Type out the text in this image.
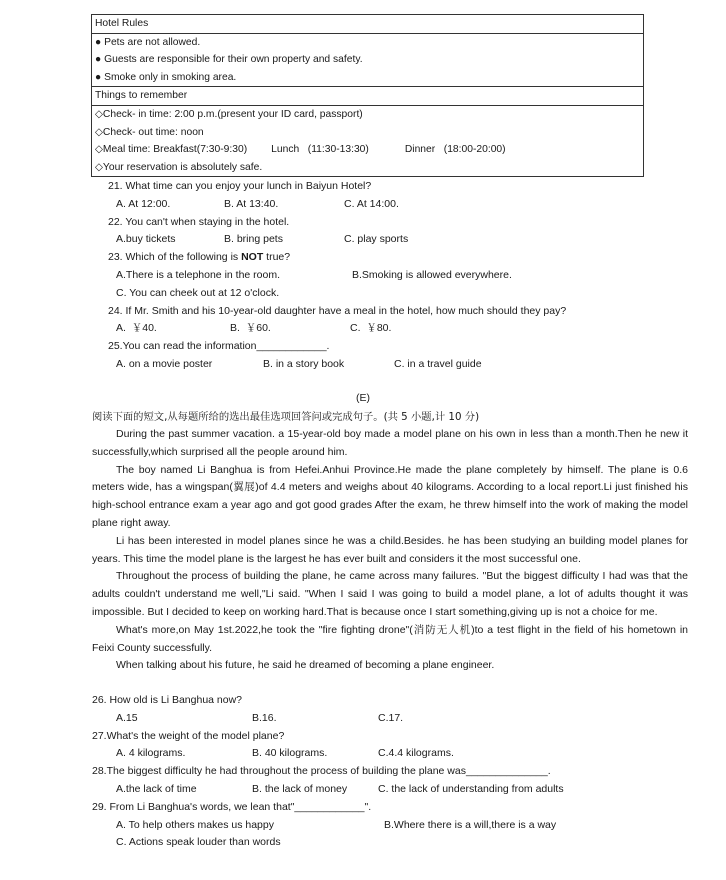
Hotel Rules
● Pets are not allowed.
● Guests are responsible for their own property and safety.
● Smoke only in smoking area.
Things to remember
◇Check- in time: 2:00 p.m.(present your ID card, passport)
◇Check- out time: noon
◇Meal time: Breakfast(7:30-9:30) Lunch   (11:30-13:30)	Dinner   (18:00-20:00)
◇Your reservation is absolutely safe.
21. What time can you enjoy your lunch in Baiyun Hotel?
A. At 12:00.	B. At 13:40.	C. At 14:00.
22. You can't when staying in the hotel.
A.buy tickets	B. bring pets	C. play sports
23. Which of the following is NOT true?
A.There is a telephone in the room.	B.Smoking is allowed everywhere.
C. You can cheek out at 12 o'clock.
24. If Mr. Smith and his 10-year-old daughter have a meal in the hotel, how much should they pay?
A.  ￥40.	B.  ￥60.	C.  ￥80.
25.You can read the information____________.
A. on a movie poster	B. in a story book	C. in a travel guide
(E)
阅读下面的短文,从每题所给的选出最佳选项回答问或完成句子。(共 5 小题,计 10 分)
During the past summer vacation. a 15-year-old boy made a model plane on his own in less than a month.Then he new it successfully,which surprised all the people around him.
The boy named Li Banghua is from Hefei.Anhui Province.He made the plane completely by himself. The plane is 0.6 meters wide, has a wingspan(翼展)of 4.4 meters and weighs about 40 kilograms. According to a local report.Li just finished his high-school entrance exam a year ago and got good grades After the exam, he threw himself into the work of making the model plane right away.
Li has been interested in model planes since he was a child.Besides. he has been studying an building model planes for years. This time the model plane is the largest he has ever built and considers it the most successful one.
Throughout the process of building the plane, he came across many failures. "But the biggest difficulty I had was that the adults couldn't understand me well,"Li said. "When I said I was going to build a model plane, a lot of adults thought it was impossible. But I decided to keep on working hard.That is because once I start something,giving up is not a choice for me.
What's more,on May 1st.2022,he took the "fire fighting drone"(消防无人机)to a test flight in the field of his hometown in Feixi County successfully.
When talking about his future, he said he dreamed of becoming a plane engineer.
26. How old is Li Banghua now?
A.15	B.16.	C.17.
27.What's the weight of the model plane?
A. 4 kilograms.	B. 40 kilograms.	C.4.4 kilograms.
28.The biggest difficulty he had throughout the process of building the plane was______________.
A.the lack of time	B. the lack of money	C. the lack of understanding from adults
29. From Li Banghua's words, we lean that"____________".
A. To help others makes us happy	B.Where there is a will,there is a way
C. Actions speak louder than words
